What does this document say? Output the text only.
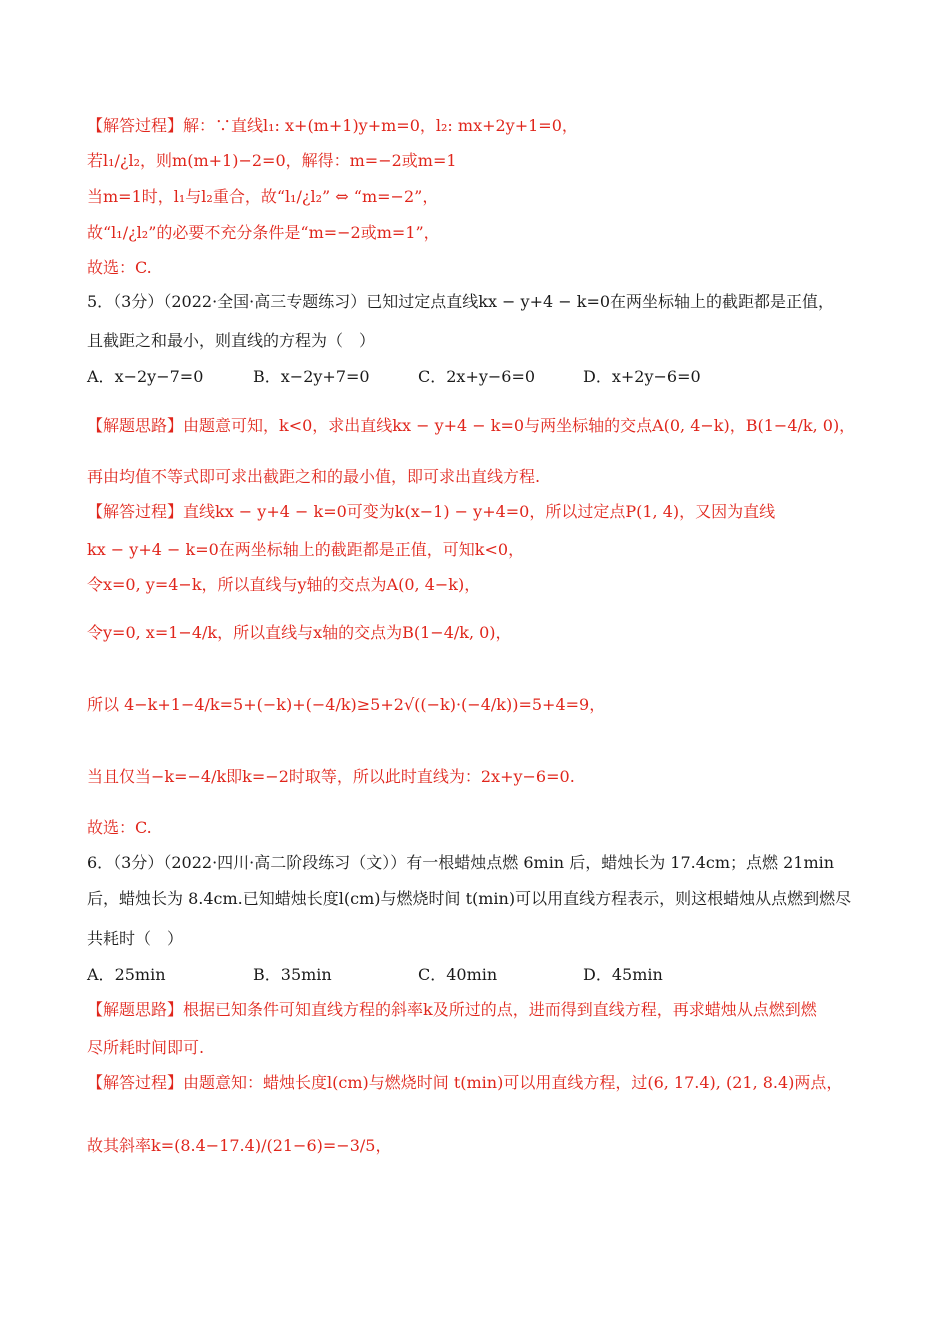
【解答过程】解：∵直线l₁: x+(m+1)y+m=0，l₂: mx+2y+1=0，
若l₁/¿l₂，则m(m+1)−2=0，解得：m=−2或m=1
当m=1时，l₁与l₂重合，故“l₁/¿l₂” ⇔ “m=−2”，
故“l₁/¿l₂”的必要不充分条件是“m=−2或m=1”，
故选：C.
5．（3分）（2022·全国·高三专题练习）已知过定点直线kx − y+4 − k=0在两坐标轴上的截距都是正值，
且截距之和最小，则直线的方程为（　）
A．x−2y−7=0	B．x−2y+7=0	C．2x+y−6=0	D．x+2y−6=0
【解题思路】由题意可知，k<0，求出直线kx − y+4 − k=0与两坐标轴的交点A(0, 4−k)，B(1−4/k, 0)，
再由均值不等式即可求出截距之和的最小值，即可求出直线方程.
【解答过程】直线kx − y+4 − k=0可变为k(x−1) − y+4=0，所以过定点P(1, 4)，又因为直线
kx − y+4 − k=0在两坐标轴上的截距都是正值，可知k<0，
令x=0, y=4−k，所以直线与y轴的交点为A(0, 4−k)，
令y=0, x=1−4/k，所以直线与x轴的交点为B(1−4/k, 0)，
所以 4−k+1−4/k=5+(−k)+(−4/k)≥5+2√((−k)·(−4/k))=5+4=9，
当且仅当−k=−4/k即k=−2时取等，所以此时直线为：2x+y−6=0.
故选：C.
6．（3分）（2022·四川·高二阶段练习（文））有一根蜡烛点燃 6min 后，蜡烛长为 17.4cm；点燃 21min
后，蜡烛长为 8.4cm.已知蜡烛长度l(cm)与燃烧时间 t(min)可以用直线方程表示，则这根蜡烛从点燃到燃尽
共耗时（　）
A．25min	B．35min	C．40min	D．45min
【解题思路】根据已知条件可知直线方程的斜率k及所过的点，进而得到直线方程，再求蜡烛从点燃到燃
尽所耗时间即可.
【解答过程】由题意知：蜡烛长度l(cm)与燃烧时间 t(min)可以用直线方程，过(6, 17.4), (21, 8.4)两点，
故其斜率k=(8.4−17.4)/(21−6)=−3/5，
